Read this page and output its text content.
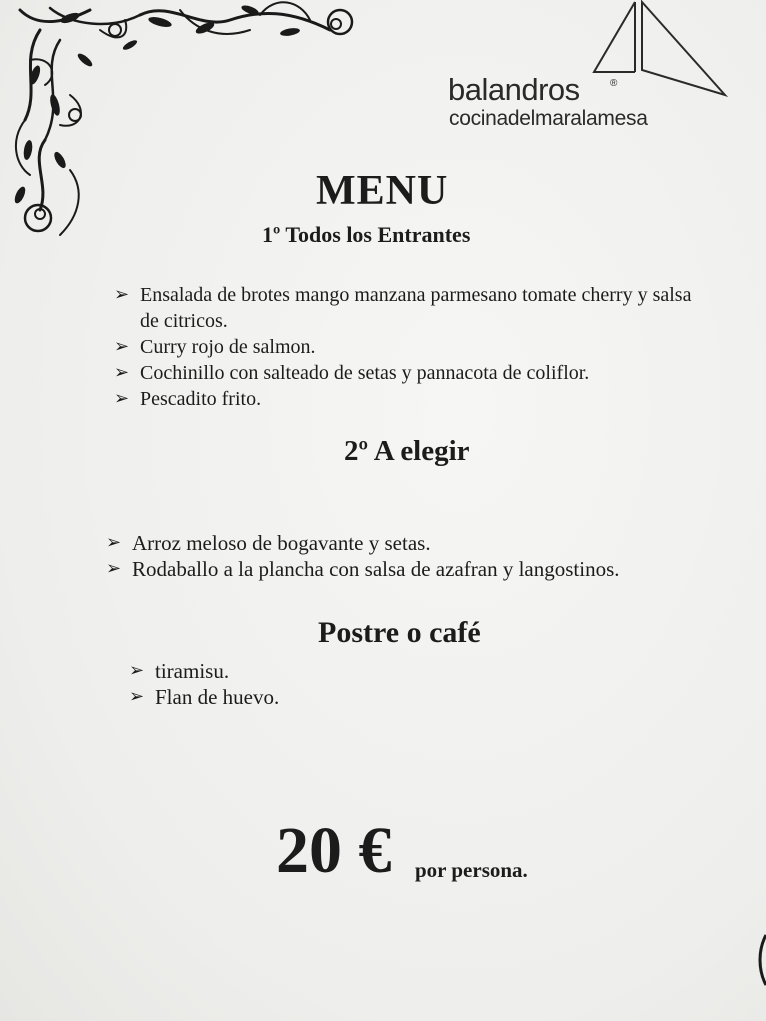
balandros	®
cocinadelmaralamesa
MENU
1º Todos los Entrantes
➢ Ensalada de brotes mango manzana parmesano tomate cherry y salsa de citricos.
➢ Curry rojo de salmon.
➢ Cochinillo con salteado de setas y pannacota de coliflor.
➢ Pescadito frito.
2º A elegir
➢ Arroz meloso de bogavante y setas.
➢ Rodaballo a la plancha con salsa de azafran y langostinos.
Postre o café
➢ tiramisu.
➢ Flan de huevo.
20 € por persona.
